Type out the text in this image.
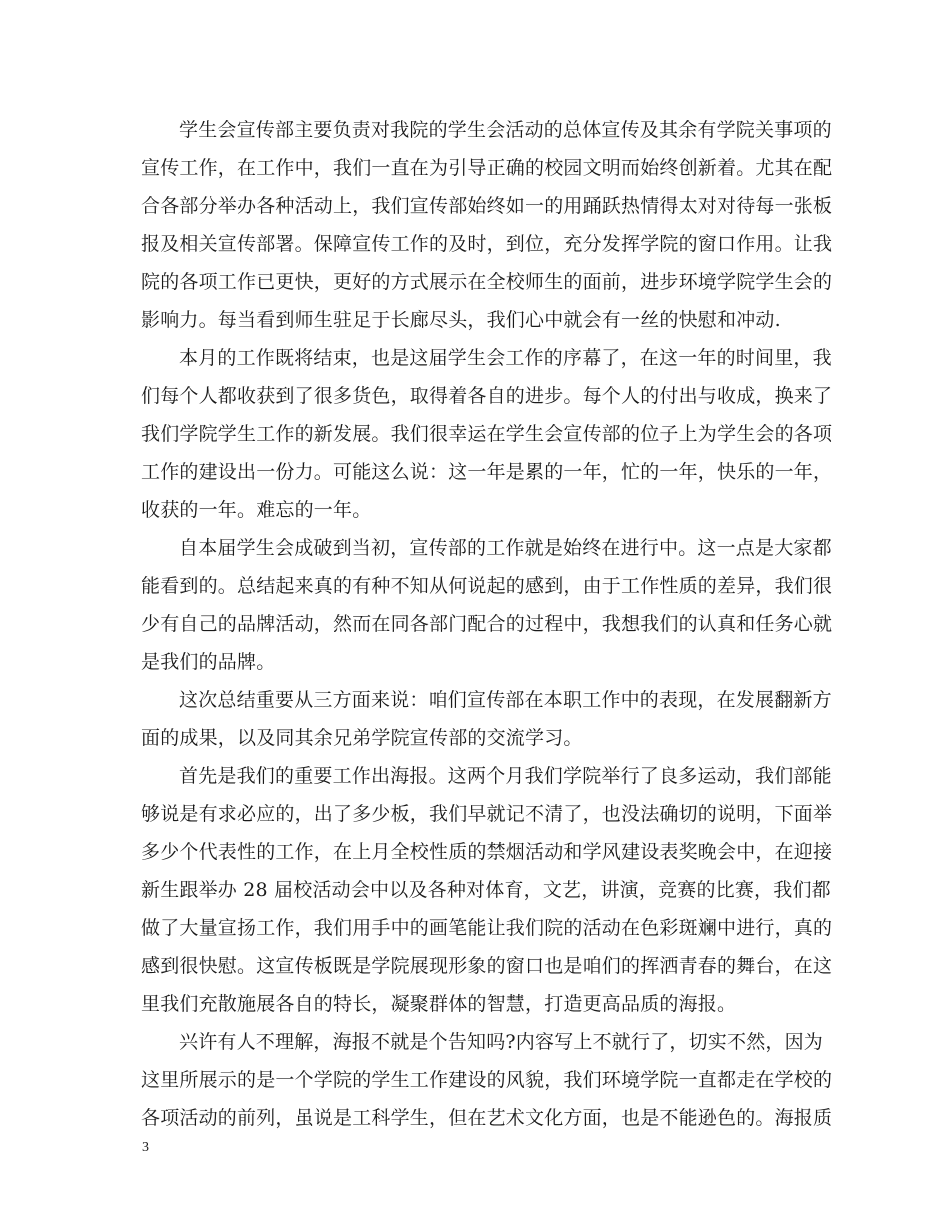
学生会宣传部主要负责对我院的学生会活动的总体宣传及其余有学院关事项的
宣传工作，在工作中，我们一直在为引导正确的校园文明而始终创新着。尤其在配
合各部分举办各种活动上，我们宣传部始终如一的用踊跃热情得太对对待每一张板
报及相关宣传部署。保障宣传工作的及时，到位，充分发挥学院的窗口作用。让我
院的各项工作已更快，更好的方式展示在全校师生的面前，进步环境学院学生会的
影响力。每当看到师生驻足于长廊尽头，我们心中就会有一丝的快慰和冲动.
本月的工作既将结束，也是这届学生会工作的序幕了，在这一年的时间里，我
们每个人都收获到了很多货色，取得着各自的进步。每个人的付出与收成，换来了
我们学院学生工作的新发展。我们很幸运在学生会宣传部的位子上为学生会的各项
工作的建设出一份力。可能这么说：这一年是累的一年，忙的一年，快乐的一年，
收获的一年。难忘的一年。
自本届学生会成破到当初，宣传部的工作就是始终在进行中。这一点是大家都
能看到的。总结起来真的有种不知从何说起的感到，由于工作性质的差异，我们很
少有自己的品牌活动，然而在同各部门配合的过程中，我想我们的认真和任务心就
是我们的品牌。
这次总结重要从三方面来说：咱们宣传部在本职工作中的表现，在发展翻新方
面的成果，以及同其余兄弟学院宣传部的交流学习。
首先是我们的重要工作出海报。这两个月我们学院举行了良多运动，我们部能
够说是有求必应的，出了多少板，我们早就记不清了，也没法确切的说明，下面举
多少个代表性的工作，在上月全校性质的禁烟活动和学风建设表奖晚会中，在迎接
新生跟举办 28 届校活动会中以及各种对体育，文艺，讲演，竞赛的比赛，我们都
做了大量宣扬工作，我们用手中的画笔能让我们院的活动在色彩斑斓中进行，真的
感到很快慰。这宣传板既是学院展现形象的窗口也是咱们的挥洒青春的舞台，在这
里我们充散施展各自的特长，凝聚群体的智慧，打造更高品质的海报。
兴许有人不理解，海报不就是个告知吗?内容写上不就行了，切实不然，因为
这里所展示的是一个学院的学生工作建设的风貌，我们环境学院一直都走在学校的
各项活动的前列，虽说是工科学生，但在艺术文化方面，也是不能逊色的。海报质
3
